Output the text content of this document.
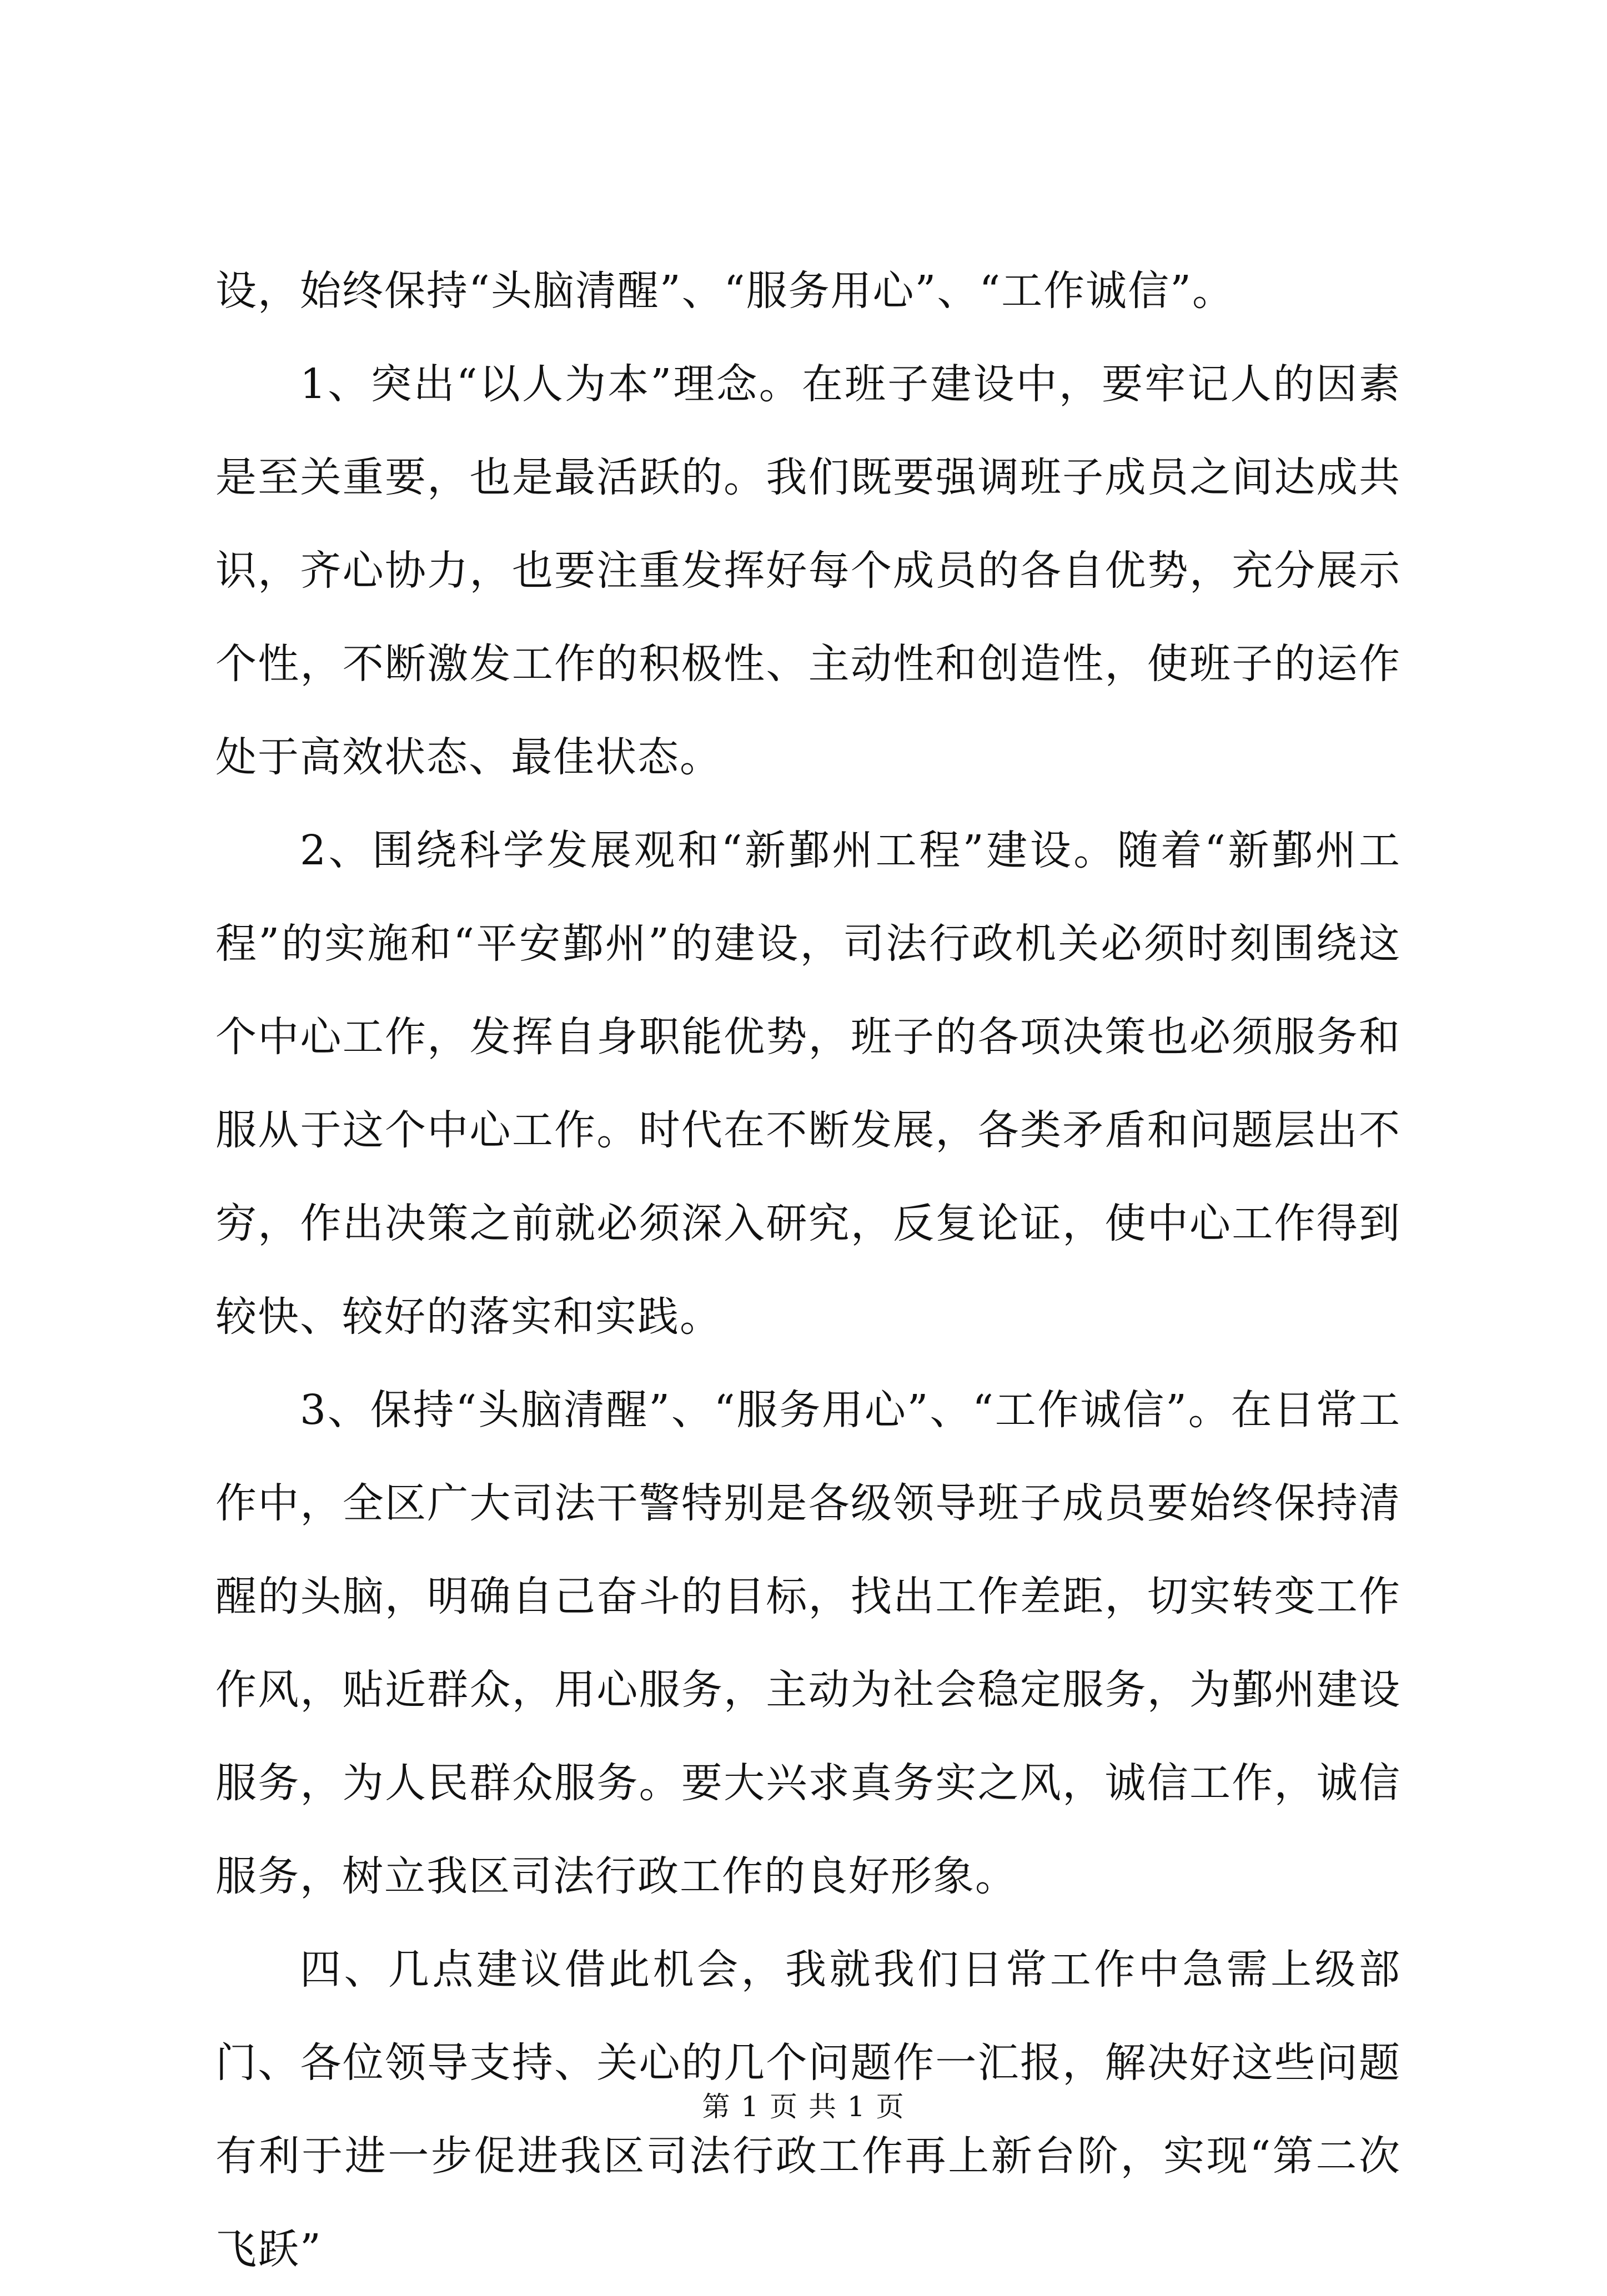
设，始终保持“头脑清醒”、“服务用心”、“工作诚信”。

1、突出“以人为本”理念。在班子建设中，要牢记人的因素是至关重要，也是最活跃的。我们既要强调班子成员之间达成共识，齐心协力，也要注重发挥好每个成员的各自优势，充分展示个性，不断激发工作的积极性、主动性和创造性，使班子的运作处于高效状态、最佳状态。

2、围绕科学发展观和“新鄞州工程”建设。随着“新鄞州工程”的实施和“平安鄞州”的建设，司法行政机关必须时刻围绕这个中心工作，发挥自身职能优势，班子的各项决策也必须服务和服从于这个中心工作。时代在不断发展，各类矛盾和问题层出不穷，作出决策之前就必须深入研究，反复论证，使中心工作得到较快、较好的落实和实践。

3、保持“头脑清醒”、“服务用心”、“工作诚信”。在日常工作中，全区广大司法干警特别是各级领导班子成员要始终保持清醒的头脑，明确自己奋斗的目标，找出工作差距，切实转变工作作风，贴近群众，用心服务，主动为社会稳定服务，为鄞州建设服务，为人民群众服务。要大兴求真务实之风，诚信工作，诚信服务，树立我区司法行政工作的良好形象。

四、几点建议借此机会，我就我们日常工作中急需上级部门、各位领导支持、关心的几个问题作一汇报，解决好这些问题有利于进一步促进我区司法行政工作再上新台阶，实现“第二次飞跃”

第 1 页 共 1 页
